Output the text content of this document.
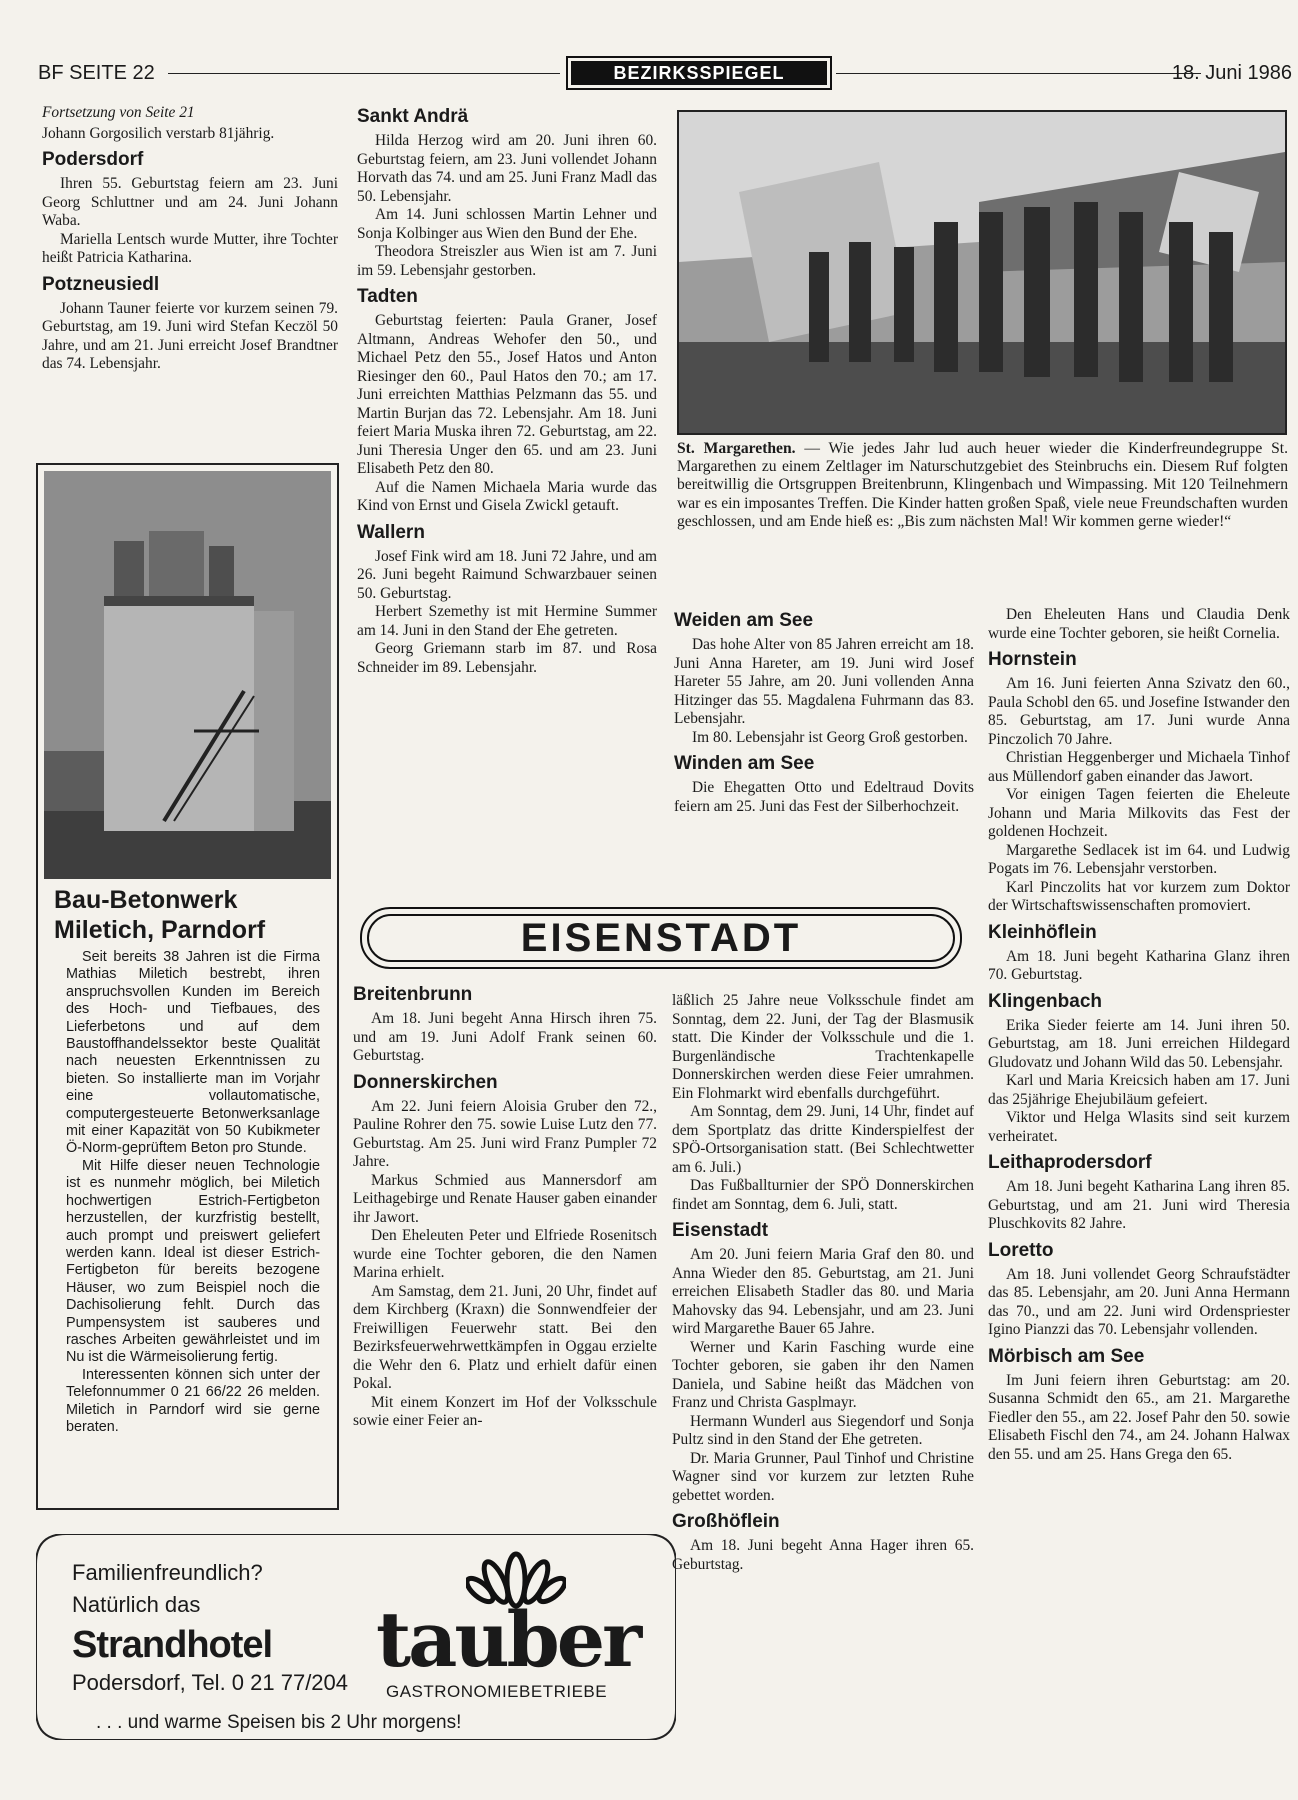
BF SEITE 22	BEZIRKSSPIEGEL	18. Juni 1986

Fortsetzung von Seite 21

Johann Gorgosilich verstarb 81jährig.

Podersdorf

Ihren 55. Geburtstag feiern am 23. Juni Georg Schluttner und am 24. Juni Johann Waba.

Mariella Lentsch wurde Mutter, ihre Tochter heißt Patricia Katharina.

Potzneusiedl

Johann Tauner feierte vor kurzem seinen 79. Geburtstag, am 19. Juni wird Stefan Keczöl 50 Jahre, und am 21. Juni erreicht Josef Brandtner das 74. Lebensjahr.

Bau-Betonwerk
Miletich, Parndorf

Seit bereits 38 Jahren ist die Firma Mathias Miletich bestrebt, ihren anspruchsvollen Kunden im Bereich des Hoch- und Tiefbaues, des Lieferbetons und auf dem Baustoffhandelssektor beste Qualität nach neuesten Erkenntnissen zu bieten. So installierte man im Vorjahr eine vollautomatische, computergesteuerte Betonwerksanlage mit einer Kapazität von 50 Kubikmeter Ö-Norm-geprüftem Beton pro Stunde.

Mit Hilfe dieser neuen Technologie ist es nunmehr möglich, bei Miletich hochwertigen Estrich-Fertigbeton herzustellen, der kurzfristig bestellt, auch prompt und preiswert geliefert werden kann. Ideal ist dieser Estrich-Fertigbeton für bereits bezogene Häuser, wo zum Beispiel noch die Dachisolierung fehlt. Durch das Pumpensystem ist sauberes und rasches Arbeiten gewährleistet und im Nu ist die Wärmeisolierung fertig.

Interessenten können sich unter der Telefonnummer 0 21 66/22 26 melden. Miletich in Parndorf wird sie gerne beraten.

Sankt Andrä

Hilda Herzog wird am 20. Juni ihren 60. Geburtstag feiern, am 23. Juni vollendet Johann Horvath das 74. und am 25. Juni Franz Madl das 50. Lebensjahr.

Am 14. Juni schlossen Martin Lehner und Sonja Kolbinger aus Wien den Bund der Ehe.

Theodora Streiszler aus Wien ist am 7. Juni im 59. Lebensjahr gestorben.

Tadten

Geburtstag feierten: Paula Graner, Josef Altmann, Andreas Wehofer den 50., und Michael Petz den 55., Josef Hatos und Anton Riesinger den 60., Paul Hatos den 70.; am 17. Juni erreichten Matthias Pelzmann das 55. und Martin Burjan das 72. Lebensjahr. Am 18. Juni feiert Maria Muska ihren 72. Geburtstag, am 22. Juni Theresia Unger den 65. und am 23. Juni Elisabeth Petz den 80.

Auf die Namen Michaela Maria wurde das Kind von Ernst und Gisela Zwickl getauft.

Wallern

Josef Fink wird am 18. Juni 72 Jahre, und am 26. Juni begeht Raimund Schwarzbauer seinen 50. Geburtstag.

Herbert Szemethy ist mit Hermine Summer am 14. Juni in den Stand der Ehe getreten.

Georg Griemann starb im 87. und Rosa Schneider im 89. Lebensjahr.

St. Margarethen. — Wie jedes Jahr lud auch heuer wieder die Kinderfreundegruppe St. Margarethen zu einem Zeltlager im Naturschutzgebiet des Steinbruchs ein. Diesem Ruf folgten bereitwillig die Ortsgruppen Breitenbrunn, Klingenbach und Wimpassing. Mit 120 Teilnehmern war es ein imposantes Treffen. Die Kinder hatten großen Spaß, viele neue Freundschaften wurden geschlossen, und am Ende hieß es: „Bis zum nächsten Mal! Wir kommen gerne wieder!“
Weiden am See

Das hohe Alter von 85 Jahren erreicht am 18. Juni Anna Hareter, am 19. Juni wird Josef Hareter 55 Jahre, am 20. Juni vollenden Anna Hitzinger das 55. Magdalena Fuhrmann das 83. Lebensjahr.

Im 80. Lebensjahr ist Georg Groß gestorben.

Winden am See

Die Ehegatten Otto und Edeltraud Dovits feiern am 25. Juni das Fest der Silberhochzeit.

Den Eheleuten Hans und Claudia Denk wurde eine Tochter geboren, sie heißt Cornelia.

Hornstein

Am 16. Juni feierten Anna Szivatz den 60., Paula Schobl den 65. und Josefine Istwander den 85. Geburtstag, am 17. Juni wurde Anna Pinczolich 70 Jahre.

Christian Heggenberger und Michaela Tinhof aus Müllendorf gaben einander das Jawort.

Vor einigen Tagen feierten die Eheleute Johann und Maria Milkovits das Fest der goldenen Hochzeit.

Margarethe Sedlacek ist im 64. und Ludwig Pogats im 76. Lebensjahr verstorben.

Karl Pinczolits hat vor kurzem zum Doktor der Wirtschaftswissenschaften promoviert.

Kleinhöflein

Am 18. Juni begeht Katharina Glanz ihren 70. Geburtstag.

Klingenbach

Erika Sieder feierte am 14. Juni ihren 50. Geburtstag, am 18. Juni erreichen Hildegard Gludovatz und Johann Wild das 50. Lebensjahr.

Karl und Maria Kreicsich haben am 17. Juni das 25jährige Ehejubiläum gefeiert.

Viktor und Helga Wlasits sind seit kurzem verheiratet.

Leithaprodersdorf

Am 18. Juni begeht Katharina Lang ihren 85. Geburtstag, und am 21. Juni wird Theresia Pluschkovits 82 Jahre.

Loretto

Am 18. Juni vollendet Georg Schraufstädter das 85. Lebensjahr, am 20. Juni Anna Hermann das 70., und am 22. Juni wird Ordenspriester Igino Pianzzi das 70. Lebensjahr vollenden.

Mörbisch am See

Im Juni feiern ihren Geburtstag: am 20. Susanna Schmidt den 65., am 21. Margarethe Fiedler den 55., am 22. Josef Pahr den 50. sowie Elisabeth Fischl den 74., am 24. Johann Halwax den 55. und am 25. Hans Grega den 65.

EISENSTADT
Breitenbrunn

Am 18. Juni begeht Anna Hirsch ihren 75. und am 19. Juni Adolf Frank seinen 60. Geburtstag.

Donnerskirchen

Am 22. Juni feiern Aloisia Gruber den 72., Pauline Rohrer den 75. sowie Luise Lutz den 77. Geburtstag. Am 25. Juni wird Franz Pumpler 72 Jahre.

Markus Schmied aus Mannersdorf am Leithagebirge und Renate Hauser gaben einander ihr Jawort.

Den Eheleuten Peter und Elfriede Rosenitsch wurde eine Tochter geboren, die den Namen Marina erhielt.

Am Samstag, dem 21. Juni, 20 Uhr, findet auf dem Kirchberg (Kraxn) die Sonnwendfeier der Freiwilligen Feuerwehr statt. Bei den Bezirksfeuerwehrwettkämpfen in Oggau erzielte die Wehr den 6. Platz und erhielt dafür einen Pokal.

Mit einem Konzert im Hof der Volksschule sowie einer Feier an-

läßlich 25 Jahre neue Volksschule findet am Sonntag, dem 22. Juni, der Tag der Blasmusik statt. Die Kinder der Volksschule und die 1. Burgenländische Trachtenkapelle Donnerskirchen werden diese Feier umrahmen. Ein Flohmarkt wird ebenfalls durchgeführt.

Am Sonntag, dem 29. Juni, 14 Uhr, findet auf dem Sportplatz das dritte Kinderspielfest der SPÖ-Ortsorganisation statt. (Bei Schlechtwetter am 6. Juli.)

Das Fußballturnier der SPÖ Donnerskirchen findet am Sonntag, dem 6. Juli, statt.

Eisenstadt

Am 20. Juni feiern Maria Graf den 80. und Anna Wieder den 85. Geburtstag, am 21. Juni erreichen Elisabeth Stadler das 80. und Maria Mahovsky das 94. Lebensjahr, und am 23. Juni wird Margarethe Bauer 65 Jahre.

Werner und Karin Fasching wurde eine Tochter geboren, sie gaben ihr den Namen Daniela, und Sabine heißt das Mädchen von Franz und Christa Gasplmayr.

Hermann Wunderl aus Siegendorf und Sonja Pultz sind in den Stand der Ehe getreten.

Dr. Maria Grunner, Paul Tinhof und Christine Wagner sind vor kurzem zur letzten Ruhe gebettet worden.

Großhöflein

Am 18. Juni begeht Anna Hager ihren 65. Geburtstag.

Familienfreundlich?
Natürlich das
Strandhotel
Podersdorf, Tel. 0 21 77/204 tauber
GASTRONOMIEBETRIEBE
. . . und warme Speisen bis 2 Uhr morgens!
